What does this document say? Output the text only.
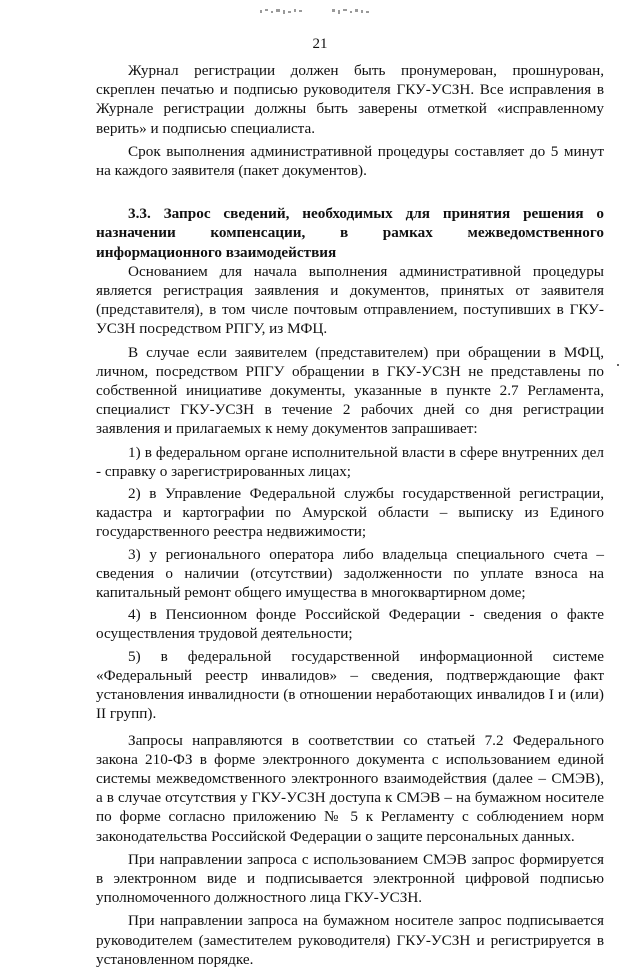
21

Журнал регистрации должен быть пронумерован, прошнурован, скреплен печатью и подписью руководителя ГКУ-УСЗН. Все исправления в Журнале регистрации должны быть заверены отметкой «исправленному верить» и подписью специалиста.

Срок выполнения административной процедуры составляет до 5 минут на каждого заявителя (пакет документов).

3.3. Запрос сведений, необходимых для принятия решения о назначении компенсации, в рамках межведомственного информационного взаимодействия

Основанием для начала выполнения административной процедуры является регистрация заявления и документов, принятых от заявителя (представителя), в том числе почтовым отправлением, поступивших в ГКУ-УСЗН посредством РПГУ, из МФЦ.

В случае если заявителем (представителем) при обращении в МФЦ, личном, посредством РПГУ обращении в ГКУ-УСЗН не представлены по собственной инициативе документы, указанные в пункте 2.7 Регламента, специалист ГКУ-УСЗН в течение 2 рабочих дней со дня регистрации заявления и прилагаемых к нему документов запрашивает:

1) в федеральном органе исполнительной власти в сфере внутренних дел - справку о зарегистрированных лицах;

2) в Управление Федеральной службы государственной регистрации, кадастра и картографии по Амурской области – выписку из Единого государственного реестра недвижимости;

3) у регионального оператора либо владельца специального счета – сведения о наличии (отсутствии) задолженности по уплате взноса на капитальный ремонт общего имущества в многоквартирном доме;

4) в Пенсионном фонде Российской Федерации - сведения о факте осуществления трудовой деятельности;

5) в федеральной государственной информационной системе «Федеральный реестр инвалидов» – сведения, подтверждающие факт установления инвалидности (в отношении неработающих инвалидов I и (или) II групп).

Запросы направляются в соответствии со статьей 7.2 Федерального закона 210-ФЗ в форме электронного документа с использованием единой системы межведомственного электронного взаимодействия (далее – СМЭВ), а в случае отсутствия у ГКУ-УСЗН доступа к СМЭВ – на бумажном носителе по форме согласно приложению № 5 к Регламенту с соблюдением норм законодательства Российской Федерации о защите персональных данных.

При направлении запроса с использованием СМЭВ запрос формируется в электронном виде и подписывается электронной цифровой подписью уполномоченного должностного лица ГКУ-УСЗН.

При направлении запроса на бумажном носителе запрос подписывается руководителем (заместителем руководителя) ГКУ-УСЗН и регистрируется в установленном порядке.
